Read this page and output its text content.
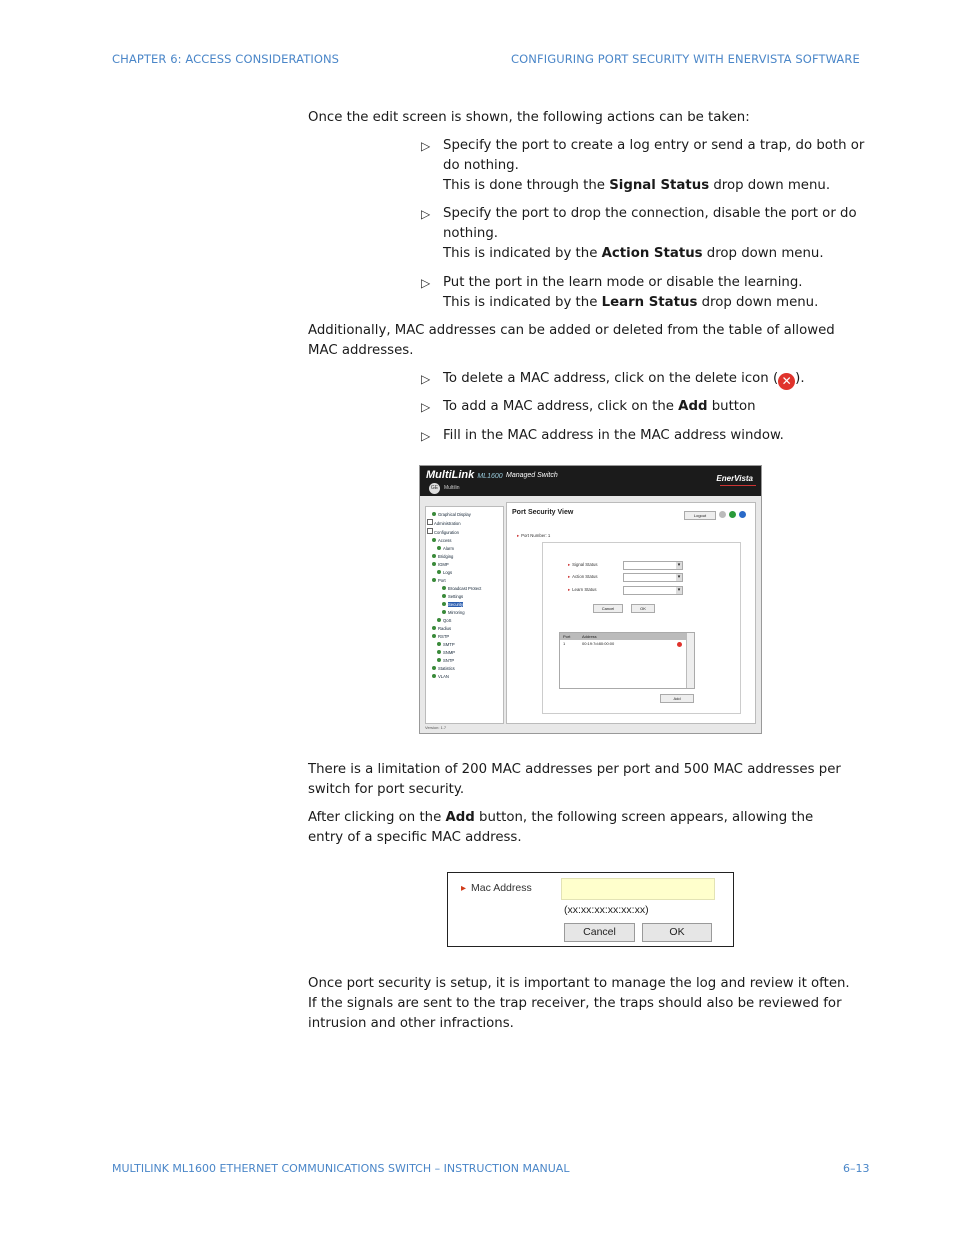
CHAPTER 6: ACCESS CONSIDERATIONS	CONFIGURING PORT SECURITY WITH ENERVISTA SOFTWARE
Once the edit screen is shown, the following actions can be taken:
▷ Specify the port to create a log entry or send a trap, do both or do nothing.
This is done through the Signal Status drop down menu.
▷ Specify the port to drop the connection, disable the port or do nothing.
This is indicated by the Action Status drop down menu.
▷ Put the port in the learn mode or disable the learning.
This is indicated by the Learn Status drop down menu.
Additionally, MAC addresses can be added or deleted from the table of allowed MAC addresses.
▷ To delete a MAC address, click on the delete icon ( ✕ ).
▷ To add a MAC address, click on the Add button
▷ Fill in the MAC address in the MAC address window.
MultiLink ML1600 Managed Switch
GE	Multilin
EnerVista
Graphical Display
Administration
Configuration
Access
Alarm
Bridging
IGMP
Logs
Port
Broadcast Protect
Settings
Security
Mirroring
QoS
Radius
RSTP
SMTP
SNMP
SNTP
Statistics
VLAN
Version: 1.7
Port Security View	Logout
▸ Port Number: 1
▸ Signal Status
▾
▸ Action Status
▾
▸ Learn Status
▾
Cancel	OK
Port	Address
1	00:19:7d:80:00:00
Add
There is a limitation of 200 MAC addresses per port and 500 MAC addresses per switch for port security.
After clicking on the Add button, the following screen appears, allowing the entry of a specific MAC address.
▸ Mac Address
(xx:xx:xx:xx:xx:xx)
Cancel	OK
Once port security is setup, it is important to manage the log and review it often. If the signals are sent to the trap receiver, the traps should also be reviewed for intrusion and other infractions.
MULTILINK ML1600 ETHERNET COMMUNICATIONS SWITCH – INSTRUCTION MANUAL	6–13
